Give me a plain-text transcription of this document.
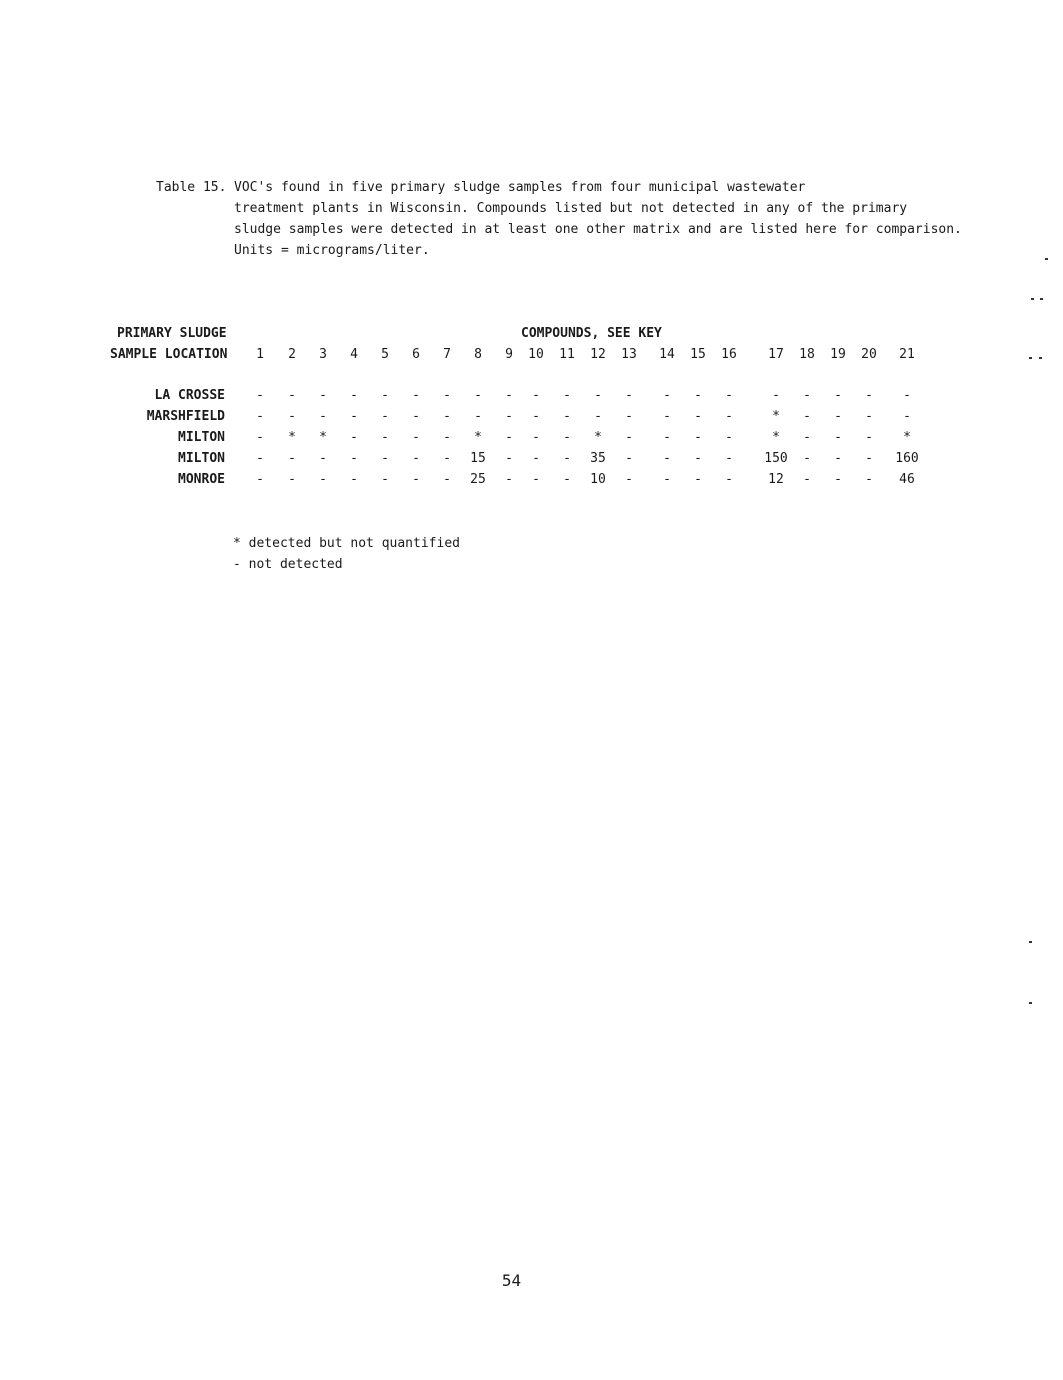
Table 15. VOC's found in five primary sludge samples from four municipal wastewater
treatment plants in Wisconsin. Compounds listed but not detected in any of the primary
sludge samples were detected in at least one other matrix and are listed here for comparison.
Units = micrograms/liter.
PRIMARY SLUDGE
SAMPLE LOCATION
COMPOUNDS, SEE KEY
1	2	3	4	5	6	7	8	9	10	11	12	13	14	15	16	17	18	19	20	21
LA CROSSE	-	-	-	-	-	-	-	-	-	-	-	-	-	-	-	-	-	-	-	-	-
MARSHFIELD	-	-	-	-	-	-	-	-	-	-	-	-	-	-	-	-	*	-	-	-	-
MILTON	-	*	*	-	-	-	-	*	-	-	-	*	-	-	-	-	*	-	-	-	*
MILTON	-	-	-	-	-	-	-	15	-	-	-	35	-	-	-	-	150	-	-	-	160
MONROE	-	-	-	-	-	-	-	25	-	-	-	10	-	-	-	-	12	-	-	-	46
* detected but not quantified
- not detected
54
